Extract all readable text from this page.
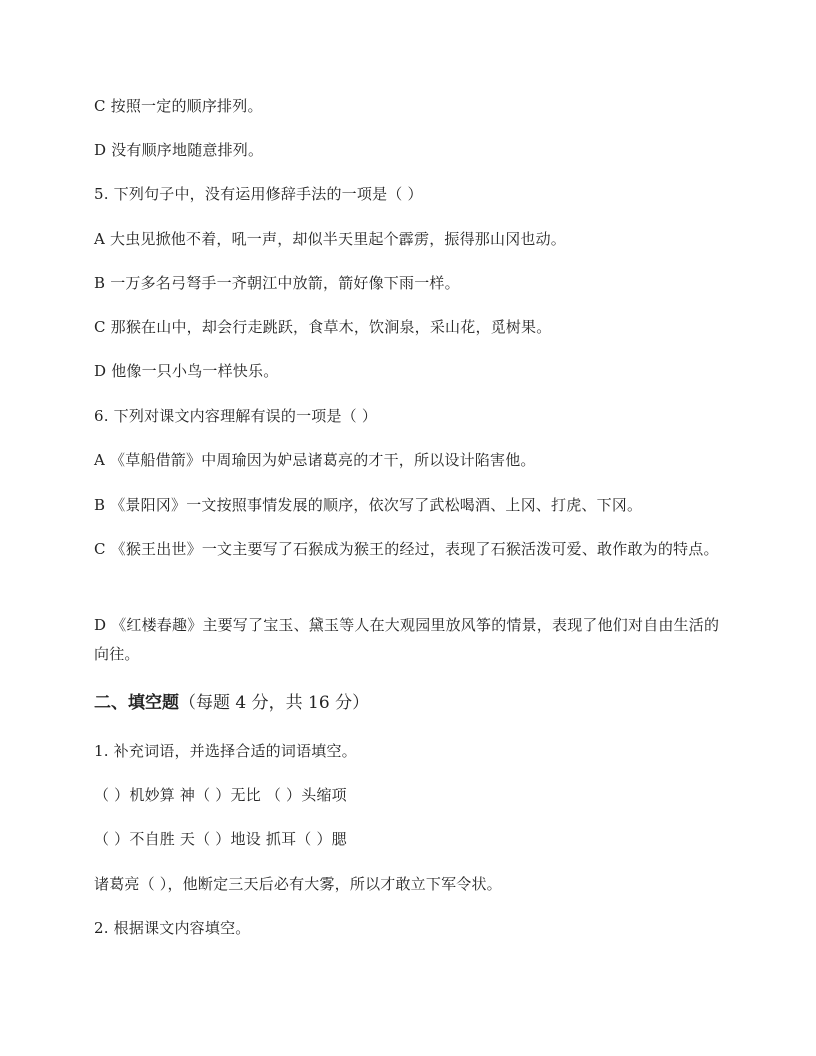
C 按照一定的顺序排列。
D 没有顺序地随意排列。
5. 下列句子中，没有运用修辞手法的一项是（ ）
A 大虫见掀他不着，吼一声，却似半天里起个霹雳，振得那山冈也动。
B 一万多名弓弩手一齐朝江中放箭，箭好像下雨一样。
C 那猴在山中，却会行走跳跃，食草木，饮涧泉，采山花，觅树果。
D 他像一只小鸟一样快乐。
6. 下列对课文内容理解有误的一项是（ ）
A 《草船借箭》中周瑜因为妒忌诸葛亮的才干，所以设计陷害他。
B 《景阳冈》一文按照事情发展的顺序，依次写了武松喝酒、上冈、打虎、下冈。
C 《猴王出世》一文主要写了石猴成为猴王的经过，表现了石猴活泼可爱、敢作敢为的特点。
D 《红楼春趣》主要写了宝玉、黛玉等人在大观园里放风筝的情景，表现了他们对自由生活的向往。
二、填空题（每题 4 分，共 16 分）
1. 补充词语，并选择合适的词语填空。
（ ）机妙算 神（ ）无比 （ ）头缩项
（ ）不自胜 天（ ）地设 抓耳（ ）腮
诸葛亮（ ），他断定三天后必有大雾，所以才敢立下军令状。
2. 根据课文内容填空。
